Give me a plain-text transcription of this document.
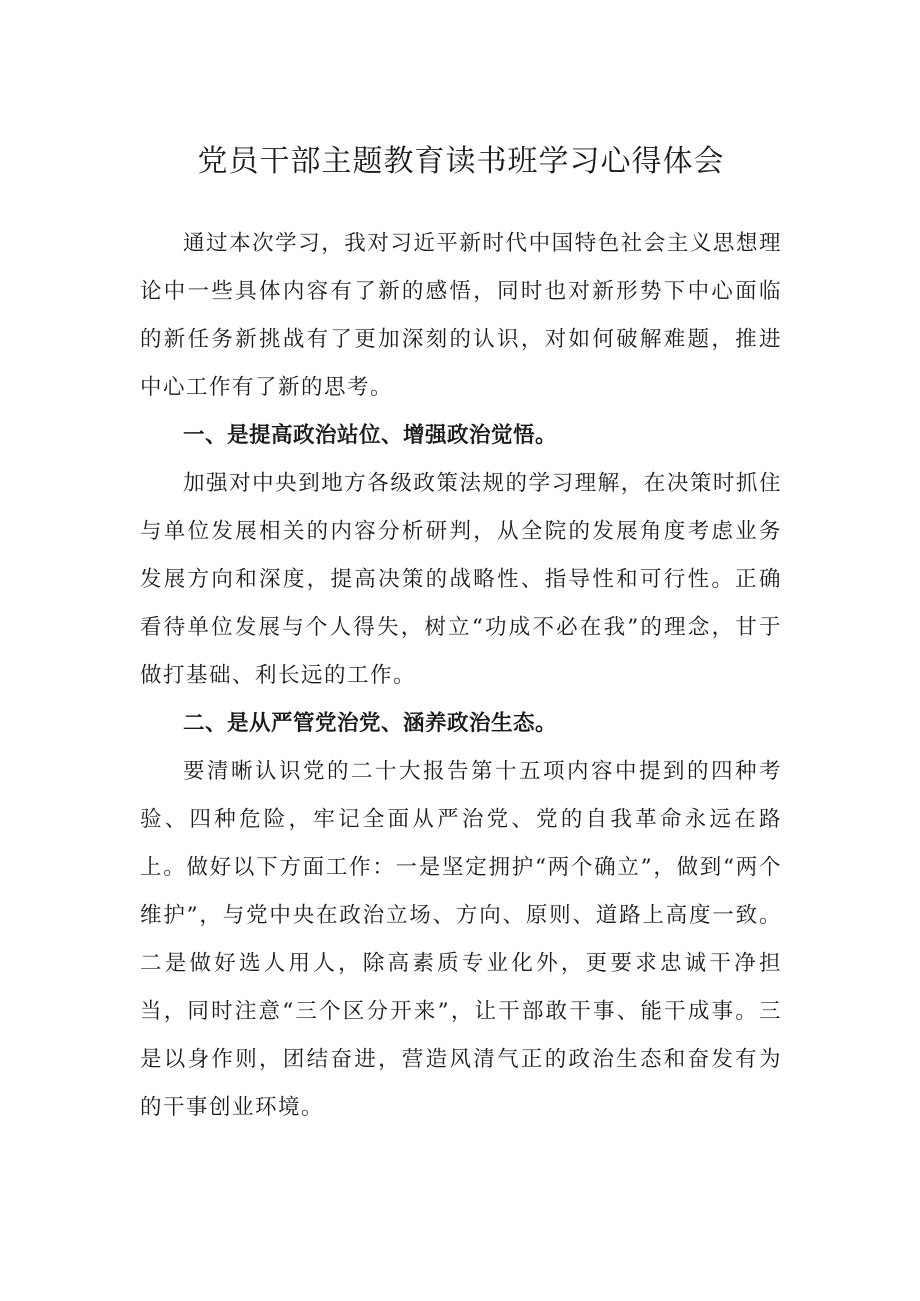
党员干部主题教育读书班学习心得体会

通过本次学习，我对习近平新时代中国特色社会主义思想理论中一些具体内容有了新的感悟，同时也对新形势下中心面临的新任务新挑战有了更加深刻的认识，对如何破解难题，推进中心工作有了新的思考。

一、是提高政治站位、增强政治觉悟。

加强对中央到地方各级政策法规的学习理解，在决策时抓住与单位发展相关的内容分析研判，从全院的发展角度考虑业务发展方向和深度，提高决策的战略性、指导性和可行性。正确看待单位发展与个人得失，树立“功成不必在我”的理念，甘于做打基础、利长远的工作。

二、是从严管党治党、涵养政治生态。

要清晰认识党的二十大报告第十五项内容中提到的四种考验、四种危险，牢记全面从严治党、党的自我革命永远在路上。做好以下方面工作：一是坚定拥护“两个确立”，做到“两个维护”，与党中央在政治立场、方向、原则、道路上高度一致。二是做好选人用人，除高素质专业化外，更要求忠诚干净担当，同时注意“三个区分开来”，让干部敢干事、能干成事。三是以身作则，团结奋进，营造风清气正的政治生态和奋发有为的干事创业环境。
